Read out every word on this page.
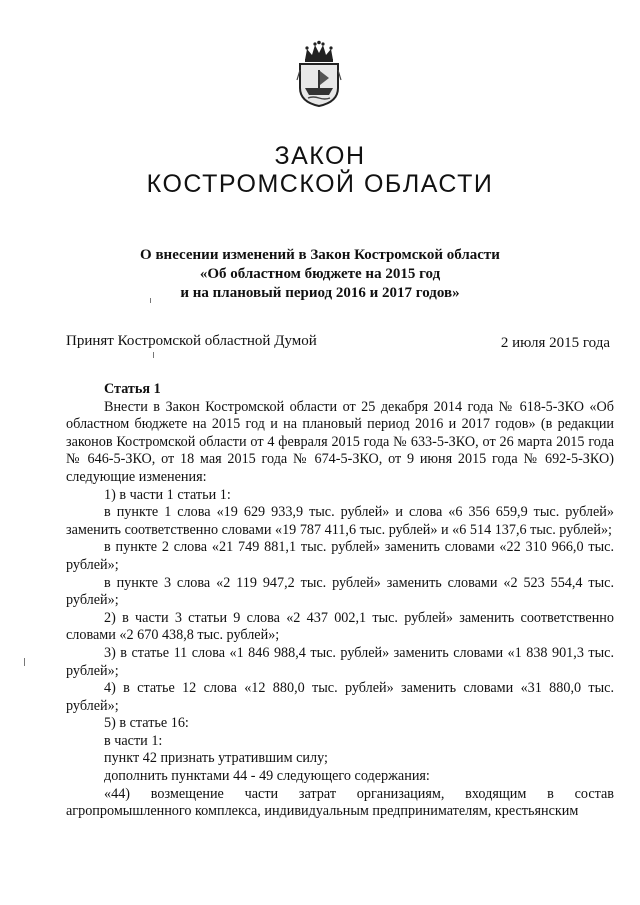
ЗАКОН
КОСТРОМСКОЙ ОБЛАСТИ
О внесении изменений в Закон Костромской области
«Об областном бюджете на 2015 год
и на плановый период 2016 и 2017 годов»
Принят Костромской областной Думой	2 июля 2015 года

Статья 1

Внести в Закон Костромской области от 25 декабря 2014 года № 618-5-ЗКО «Об областном бюджете на 2015 год и на плановый период 2016 и 2017 годов» (в редакции законов Костромской области от 4 февраля 2015 года № 633-5-ЗКО, от 26 марта 2015 года № 646-5-ЗКО, от 18 мая 2015 года № 674-5-ЗКО, от 9 июня 2015 года № 692-5-ЗКО) следующие изменения:

1) в части 1 статьи 1:

в пункте 1 слова «19 629 933,9 тыс. рублей» и слова «6 356 659,9 тыс. рублей» заменить соответственно словами «19 787 411,6 тыс. рублей» и «6 514 137,6 тыс. рублей»;

в пункте 2 слова «21 749 881,1 тыс. рублей» заменить словами «22 310 966,0 тыс. рублей»;

в пункте 3 слова «2 119 947,2 тыс. рублей» заменить словами «2 523 554,4 тыс. рублей»;

2) в части 3 статьи 9 слова «2 437 002,1 тыс. рублей» заменить соответственно словами «2 670 438,8 тыс. рублей»;

3) в статье 11 слова «1 846 988,4 тыс. рублей» заменить словами «1 838 901,3 тыс. рублей»;

4) в статье 12 слова «12 880,0 тыс. рублей» заменить словами «31 880,0 тыс. рублей»;

5) в статье 16:

в части 1:

пункт 42 признать утратившим силу;

дополнить пунктами 44 - 49 следующего содержания:

«44) возмещение части затрат организациям, входящим в состав агропромышленного комплекса, индивидуальным предпринимателям, крестьянским
